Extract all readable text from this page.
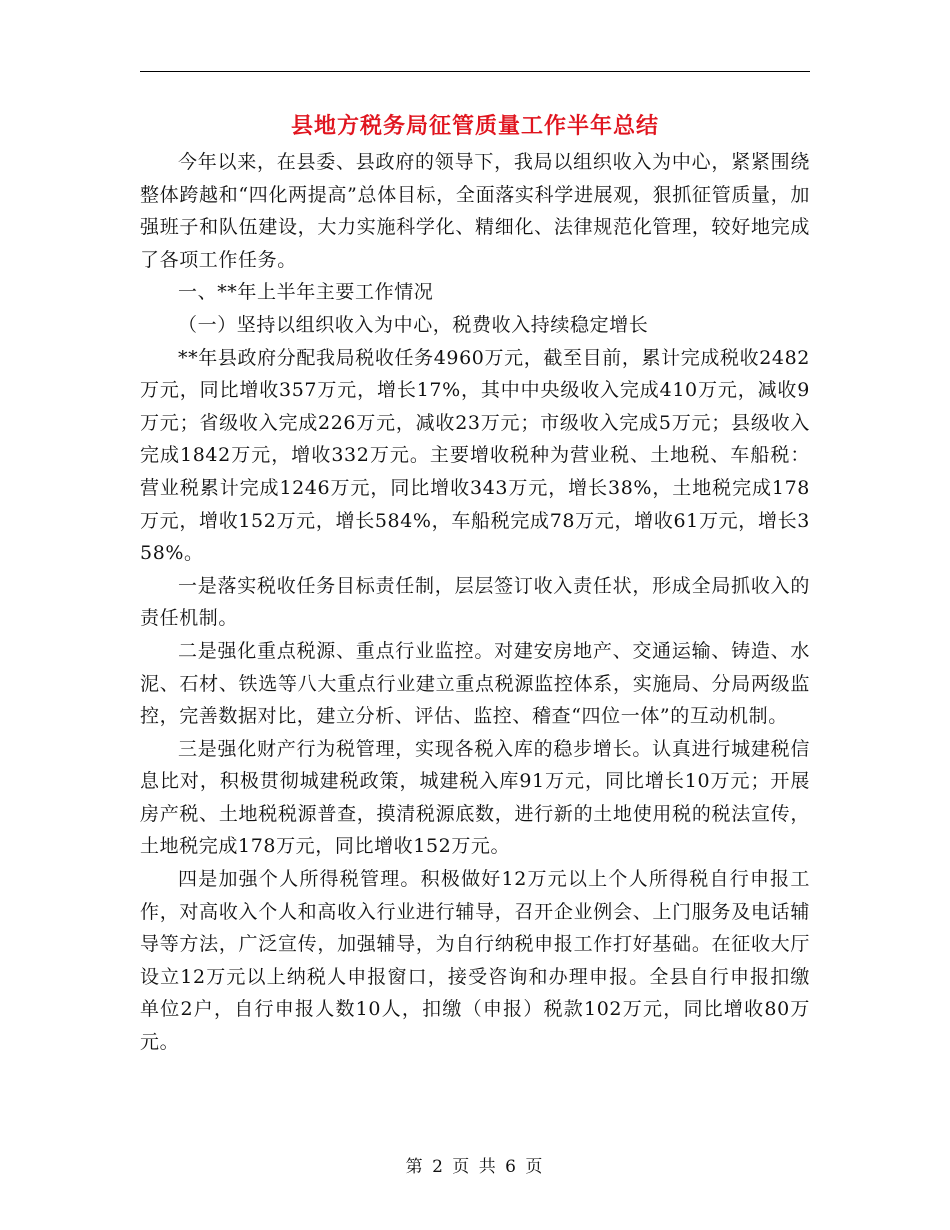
县地方税务局征管质量工作半年总结

今年以来，在县委、县政府的领导下，我局以组织收入为中心，紧紧围绕整体跨越和“四化两提高”总体目标，全面落实科学进展观，狠抓征管质量，加强班子和队伍建设，大力实施科学化、精细化、法律规范化管理，较好地完成了各项工作任务。

一、**年上半年主要工作情况

（一）坚持以组织收入为中心，税费收入持续稳定增长

**年县政府分配我局税收任务4960万元，截至目前，累计完成税收2482万元，同比增收357万元，增长17%，其中中央级收入完成410万元，减收9万元；省级收入完成226万元，减收23万元；市级收入完成5万元；县级收入完成1842万元，增收332万元。主要增收税种为营业税、土地税、车船税：营业税累计完成1246万元，同比增收343万元，增长38%，土地税完成178万元，增收152万元，增长584%，车船税完成78万元，增收61万元，增长358%。

一是落实税收任务目标责任制，层层签订收入责任状，形成全局抓收入的责任机制。

二是强化重点税源、重点行业监控。对建安房地产、交通运输、铸造、水泥、石材、铁选等八大重点行业建立重点税源监控体系，实施局、分局两级监控，完善数据对比，建立分析、评估、监控、稽查“四位一体”的互动机制。

三是强化财产行为税管理，实现各税入库的稳步增长。认真进行城建税信息比对，积极贯彻城建税政策，城建税入库91万元，同比增长10万元；开展房产税、土地税税源普查，摸清税源底数，进行新的土地使用税的税法宣传，土地税完成178万元，同比增收152万元。

四是加强个人所得税管理。积极做好12万元以上个人所得税自行申报工作，对高收入个人和高收入行业进行辅导，召开企业例会、上门服务及电话辅导等方法，广泛宣传，加强辅导，为自行纳税申报工作打好基础。在征收大厅设立12万元以上纳税人申报窗口，接受咨询和办理申报。全县自行申报扣缴单位2户，自行申报人数10人，扣缴（申报）税款102万元，同比增收80万元。

第 2 页 共 6 页
